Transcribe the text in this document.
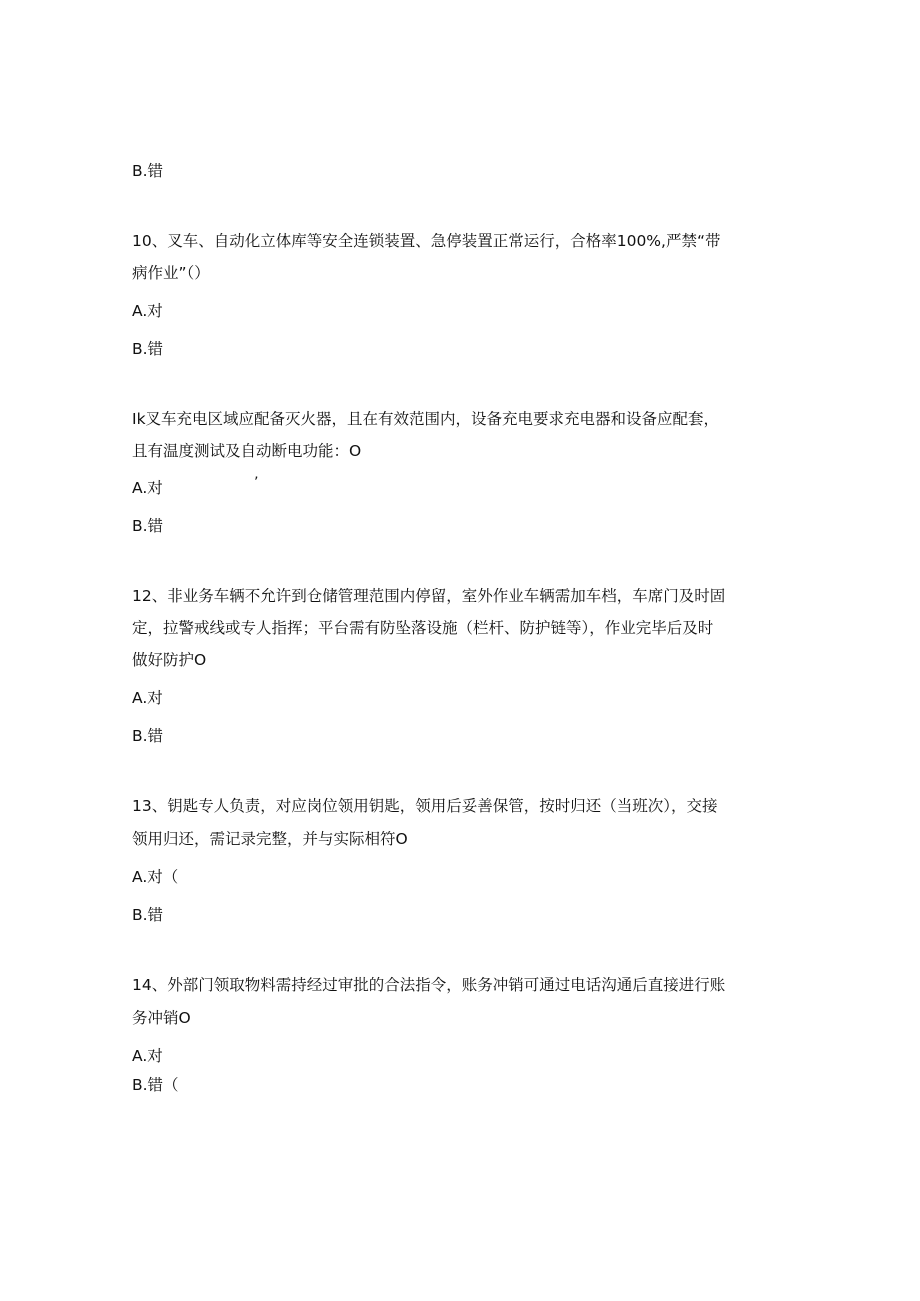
B.错
10、叉车、自动化立体库等安全连锁装置、急停装置正常运行，合格率100%,严禁“带
病作业”（）
A.对
B.错
Ik叉车充电区域应配备灭火器，且在有效范围内，设备充电要求充电器和设备应配套，
且有温度测试及自动断电功能：O
A.对	’
B.错
12、非业务车辆不允许到仓储管理范围内停留，室外作业车辆需加车档，车席门及时固
定，拉警戒线或专人指挥；平台需有防坠落设施（栏杆、防护链等），作业完毕后及时
做好防护O
A.对
B.错
13、钥匙专人负责，对应岗位领用钥匙，领用后妥善保管，按时归还（当班次），交接
领用归还，需记录完整，并与实际相符O
A.对（
B.错
14、外部门领取物料需持经过审批的合法指令，账务冲销可通过电话沟通后直接进行账
务冲销O
A.对
B.错（
